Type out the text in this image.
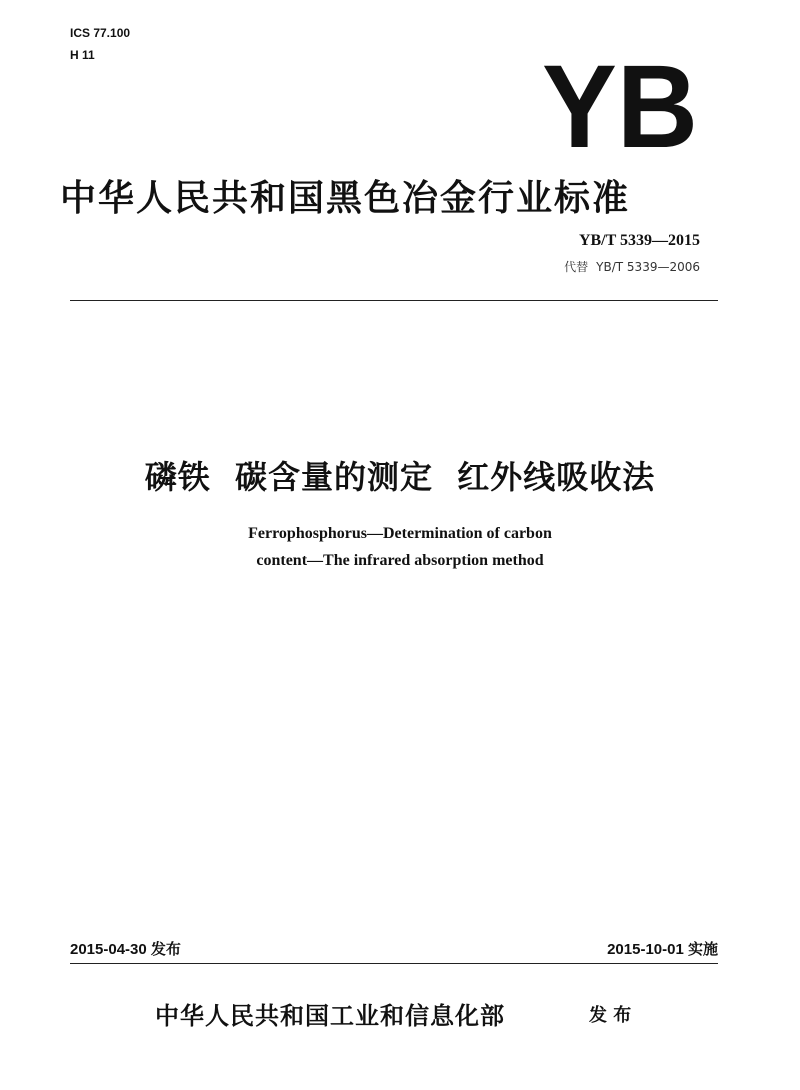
ICS 77.100
H 11	YB
中华人民共和国黑色冶金行业标准
YB/T 5339—2015
代替 YB/T 5339—2006
磷铁  碳含量的测定  红外线吸收法
Ferrophosphorus—Determination of carbon
content—The infrared absorption method
2015-04-30 发布	2015-10-01 实施
中华人民共和国工业和信息化部	发 布
